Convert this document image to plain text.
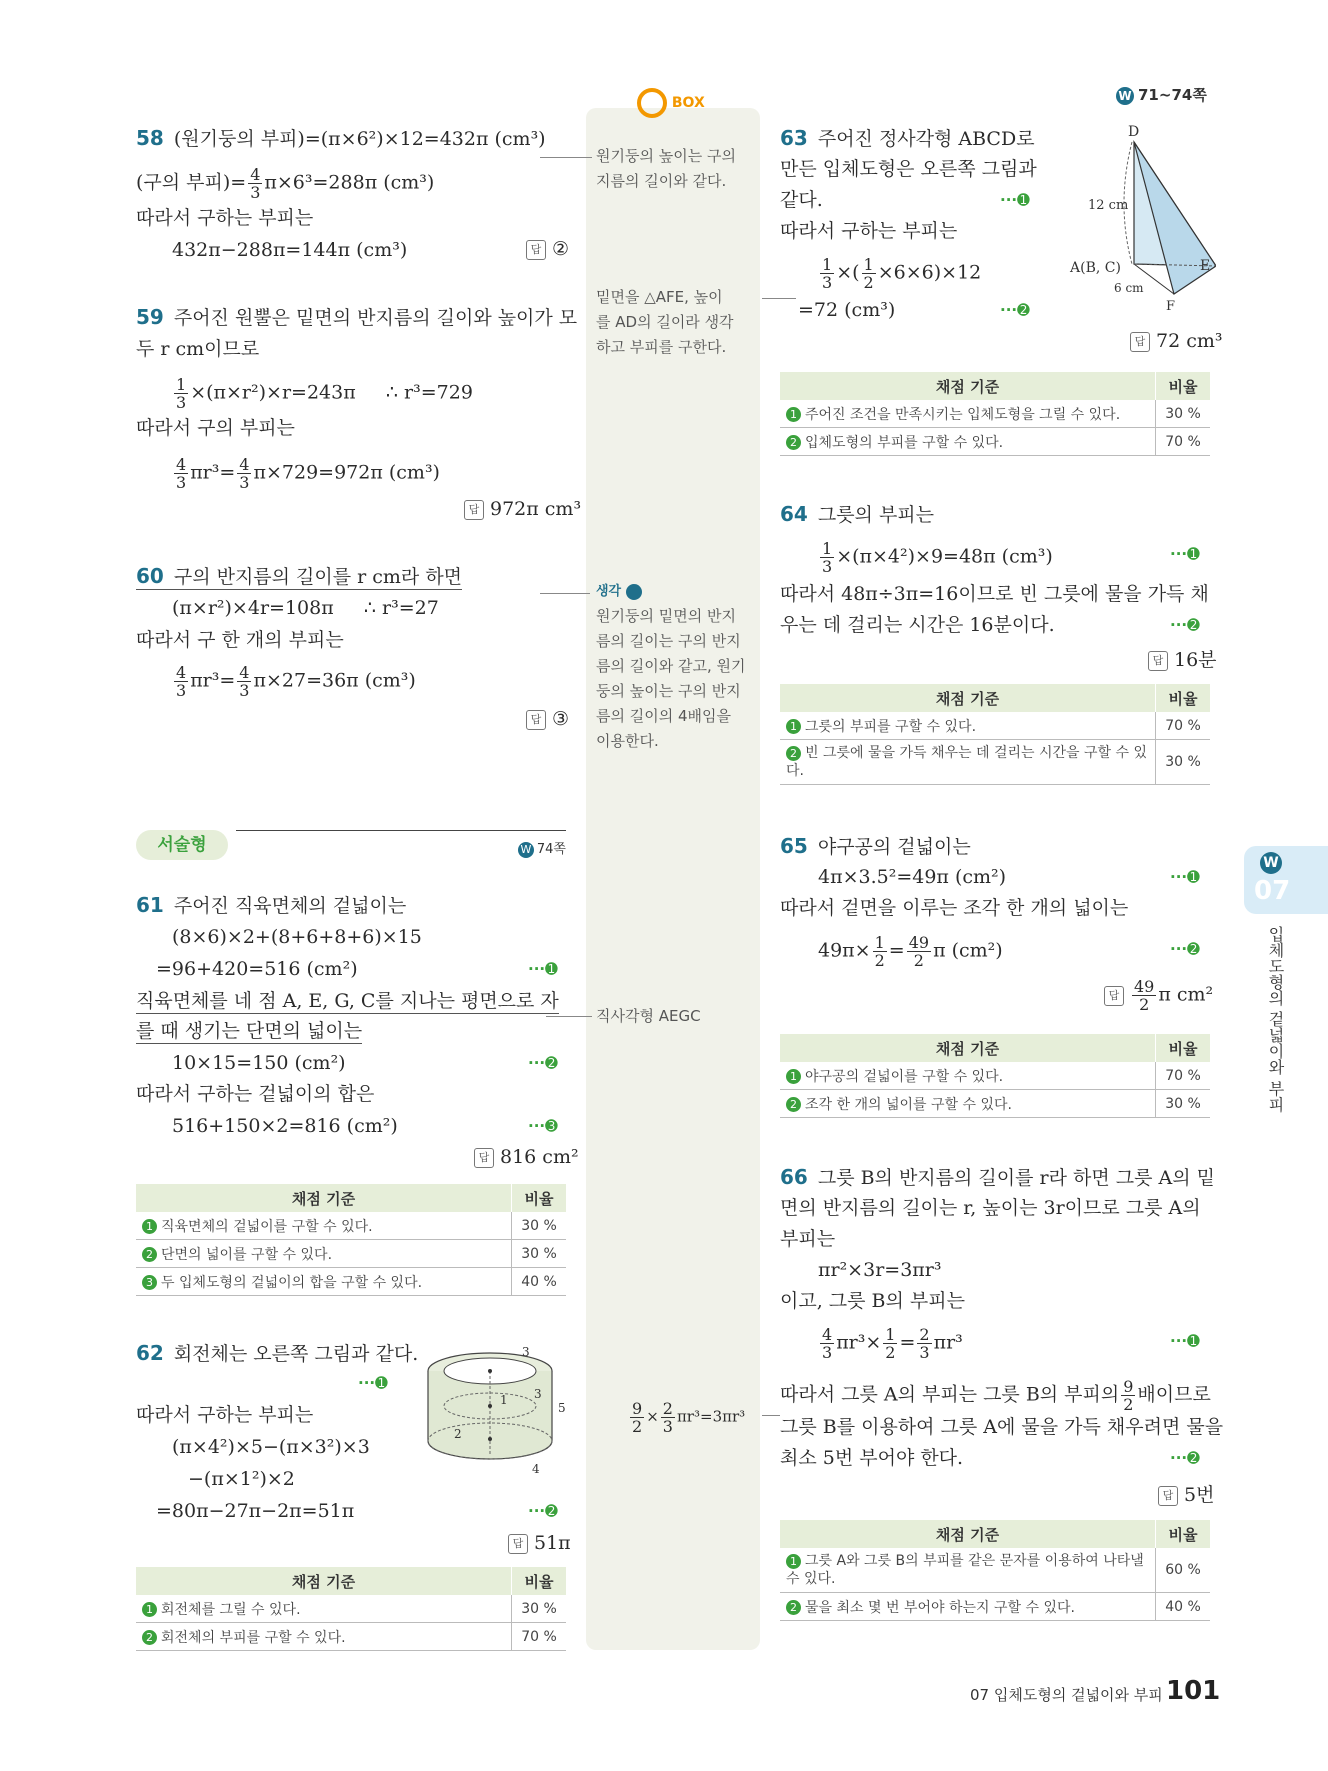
W 71~74쪽
BOX
원기둥의 높이는 구의 지름의 길이와 같다.
밑면을 △AFE, 높이
를 AD의 길이라 생각
하고 부피를 구한다.
생각
원기둥의 밑면의 반지
름의 길이는 구의 반지
름의 길이와 같고, 원기
둥의 높이는 구의 반지
름의 길이의 4배임을
이용한다.
직사각형 AEGC
$\frac{9}{2} \times \frac{2}{3} \pi r^3=3\pi r^3$
58 (원기둥의 부피)=(π×6²)×12=432π (cm³)
(구의 부피)= $\frac{4}{3} \pi\times 6^3=288\pi$ (cm³)
따라서 구하는 부피는
432π−288π=144π (cm³)	답 ②
59 주어진 원뿔은 밑면의 반지름의 길이와 높이가 모
두 r cm이므로
$\frac{1}{3} \times(\pi\times r^2)\times r=243\pi$ ∴ r³=729
따라서 구의 부피는
$\frac{4}{3} \pi r^3= \frac{4}{3} \pi\times 729=972\pi$ (cm³)
답 972π cm³
60 구의 반지름의 길이를 r cm라 하면
(π×r²)×4r=108π ∴ r³=27
따라서 구 한 개의 부피는
$\frac{4}{3} \pi r^3= \frac{4}{3} \pi\times 27=36\pi$ (cm³)
답 ③
서술형	W 74쪽
61 주어진 직육면체의 겉넓이는
(8×6)×2+(8+6+8+6)×15
=96+420=516 (cm²)	···➊
직육면체를 네 점 A, E, G, C를 지나는 평면으로 자
를 때 생기는 단면의 넓이는
10×15=150 (cm²)	···➋
따라서 구하는 겉넓이의 합은
516+150×2=816 (cm²)	···➌
답 816 cm²
채점 기준	비율
1 직육면체의 겉넓이를 구할 수 있다.	30 %
2 단면의 넓이를 구할 수 있다.	30 %
3 두 입체도형의 겉넓이의 합을 구할 수 있다.	40 %
62 회전체는 오른쪽 그림과 같다.
···➊
따라서 구하는 부피는
(π×4²)×5−(π×3²)×3
−(π×1²)×2
=80π−27π−2π=51π	···➋
답 51π
3
1 3
5
2
4
채점 기준	비율
1 회전체를 그릴 수 있다.	30 %
2 회전체의 부피를 구할 수 있다.	70 %
63 주어진 정사각형 ABCD로
만든 입체도형은 오른쪽 그림과
같다.	···➊
따라서 구하는 부피는
$\frac{1}{3}$ ×( $\frac{1}{2} \times 6\times 6)\times 12$
=72 (cm³)	···➋
답 72 cm³
D
12 cm
A(B, C)	E
F
6 cm
채점 기준	비율
1 주어진 조건을 만족시키는 입체도형을 그릴 수 있다.	30 %
2 입체도형의 부피를 구할 수 있다.	70 %
64 그릇의 부피는
$\frac{1}{3} \times(\pi\times 4^2)\times 9=48\pi$ (cm³)	···➊
따라서 48π÷3π=16이므로 빈 그릇에 물을 가득 채
우는 데 걸리는 시간은 16분이다.	···➋
답 16분
채점 기준	비율
1 그릇의 부피를 구할 수 있다.	70 %
2 빈 그릇에 물을 가득 채우는 데 걸리는 시간을 구할 수 있다.	30 %
65 야구공의 겉넓이는
4π×3.5²=49π (cm²)	···➊
따라서 겉면을 이루는 조각 한 개의 넓이는
$49\pi\times \frac{1}{2} = \frac{49}{2}$ π (cm²)	···➋
답 $\frac{49}{2}$ π cm²
채점 기준	비율
1 야구공의 겉넓이를 구할 수 있다.	70 %
2 조각 한 개의 넓이를 구할 수 있다.	30 %
66 그릇 B의 반지름의 길이를 r라 하면 그릇 A의 밑
면의 반지름의 길이는 r, 높이는 3r이므로 그릇 A의
부피는
πr²×3r=3πr³
이고, 그릇 B의 부피는
$\frac{4}{3} \pi r^3\times \frac{1}{2} = \frac{2}{3} \pi r^3$	···➊
따라서 그릇 A의 부피는 그릇 B의 부피의 $\frac{9}{2}$ 배이므로
그릇 B를 이용하여 그릇 A에 물을 가득 채우려면 물을
최소 5번 부어야 한다.	···➋
답 5번
채점 기준	비율
1 그릇 A와 그릇 B의 부피를 같은 문자를 이용하여 나타낼 수 있다.	60 %
2 물을 최소 몇 번 부어야 하는지 구할 수 있다.	40 %
W
07
입체도형의 겉넓이와 부피
07 입체도형의 겉넓이와 부피 101
